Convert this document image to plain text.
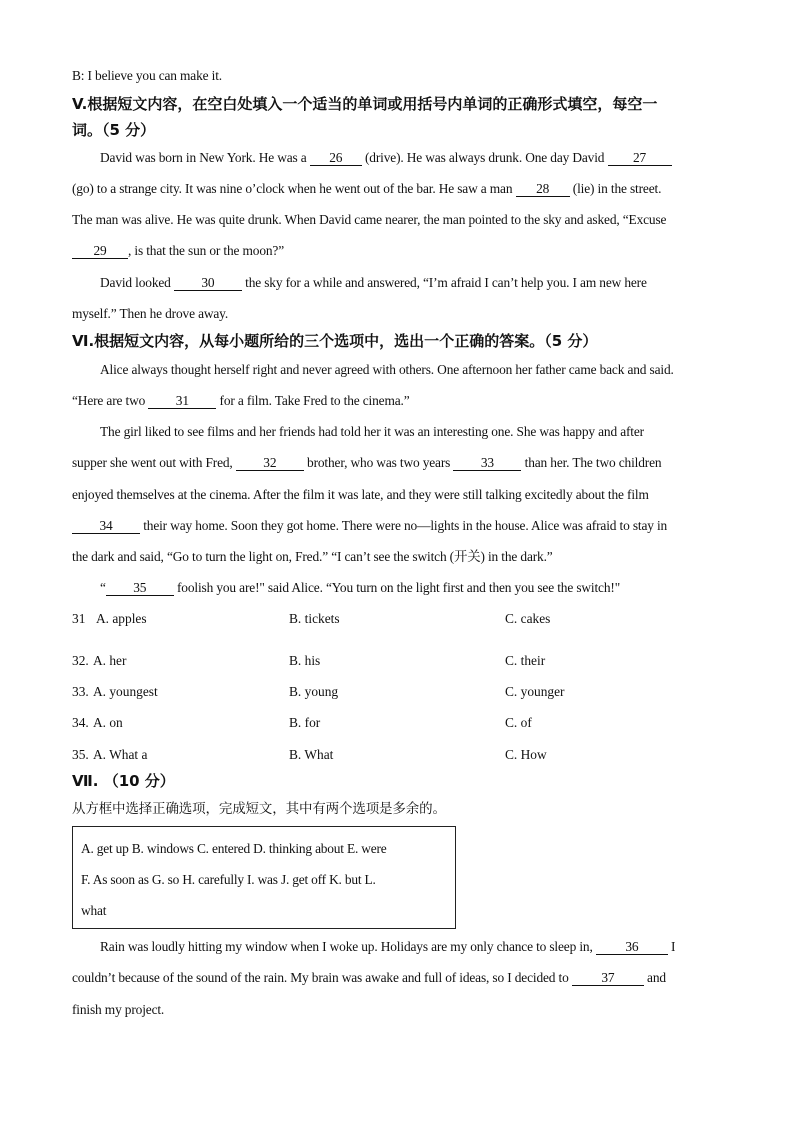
B: I believe you can make it.
V.根据短文内容，在空白处填入一个适当的单词或用括号内单词的正确形式填空，每空一
词。（5 分）
David was born in New York. He was a 26 (drive). He was always drunk. One day David 27
(go) to a strange city. It was nine o’clock when he went out of the bar. He saw a man 28 (lie) in the street.
The man was alive. He was quite drunk. When David came nearer, the man pointed to the sky and asked, “Excuse
29 , is that the sun or the moon?”
David looked 30 the sky for a while and answered, “I’m afraid I can’t help you. I am new here
myself.” Then he drove away.
Ⅵ.根据短文内容，从每小题所给的三个选项中，选出一个正确的答案。（5 分）
Alice always thought herself right and never agreed with others. One afternoon her father came back and said.
“Here are two 31 for a film. Take Fred to the cinema.”
The girl liked to see films and her friends had told her it was an interesting one. She was happy and after
supper she went out with Fred, 32 brother, who was two years 33 than her. The two children
enjoyed themselves at the cinema. After the film it was late, and they were still talking excitedly about the film
34 their way home. Soon they got home. There were no—lights in the house. Alice was afraid to stay in
the dark and said, “Go to turn the light on, Fred.” “I can’t see the switch (开关) in the dark.”
“ 35 foolish you are!" said Alice. “You turn on the light first and then you see the switch!"
31 A. apples	B. tickets	C. cakes
32. A. her	B. his	C. their
33. A. youngest	B. young	C. younger
34. A. on	B. for	C. of
35. A. What a	B. What	C. How
Ⅶ. （10 分）
从方框中选择正确选项，完成短文，其中有两个选项是多余的。
A. get up B. windows C. entered D. thinking about E. were
F. As soon as G. so H. carefully I. was J. get off K. but L.
what
Rain was loudly hitting my window when I woke up. Holidays are my only chance to sleep in, 36 I
couldn’t because of the sound of the rain. My brain was awake and full of ideas, so I decided to 37 and
finish my project.
